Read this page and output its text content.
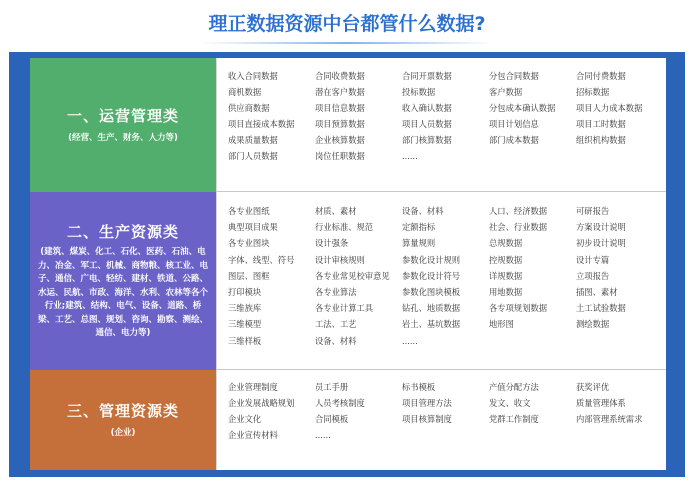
理正数据资源中台都管什么数据?
一、运营管理类
(经营、生产、财务、人力等)
收入合同数据	合同收费数据	合同开票数据	分包合同数据	合同付费数据
商机数据	潜在客户数据	投标数据	客户数据	招标数据
供应商数据	项目信息数据	收入确认数据	分包成本确认数据	项目人力成本数据
项目直接成本数据	项目预算数据	项目人员数据	项目计划信息	项目工时数据
成果质量数据	企业核算数据	部门核算数据	部门成本数据	组织机构数据
部门人员数据	岗位任职数据	......
二、生产资源类
(建筑、煤炭、化工、石化、医药、石油、电力、冶金、军工、机械、商物粮、核工业、电子、通信、广电、轻纺、建材、铁道、公路、水运、民航、市政、海洋、水利、农林等各个行业;建筑、结构、电气、设备、道路、桥梁、工艺、总图、规划、咨询、勘察、测绘、通信、电力等)
各专业图纸	材质、素材	设备、材料	人口、经济数据	可研报告
典型项目成果	行业标准、规范	定额指标	社会、行业数据	方案设计说明
各专业图块	设计强条	算量规则	总规数据	初步设计说明
字体、线型、符号	设计审核规则	参数化设计规则	控规数据	设计专篇
图层、图框	各专业常见校审意见	参数化设计符号	详规数据	立项报告
打印模块	各专业算法	参数化图块模板	用地数据	插图、素材
三维族库	各专业计算工具	钻孔、地质数据	各专项规划数据	土工试验数据
三维模型	工法、工艺	岩土、基坑数据	地形图	测绘数据
三维样板	设备、材料	......
三、管理资源类
(企业)
企业管理制度	员工手册	标书模板	产值分配方法	获奖评优
企业发展战略规划	人员考核制度	项目管理方法	发文、收文	质量管理体系
企业文化	合同模板	项目核算制度	党群工作制度	内部管理系统需求
企业宣传材料	......
